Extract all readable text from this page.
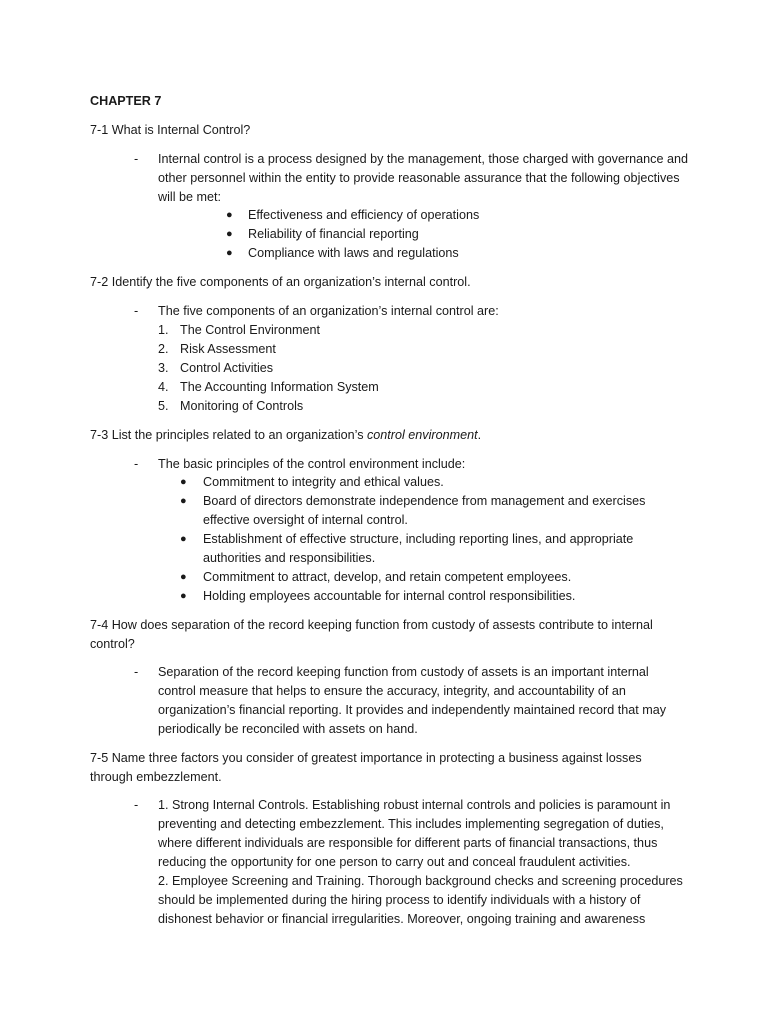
CHAPTER 7
7-1 What is Internal Control?
- Internal control is a process designed by the management, those charged with governance and other personnel within the entity to provide reasonable assurance that the following objectives will be met:
● Effectiveness and efficiency of operations
● Reliability of financial reporting
● Compliance with laws and regulations
7-2 Identify the five components of an organization’s internal control.
- The five components of an organization’s internal control are:
1. The Control Environment
2. Risk Assessment
3. Control Activities
4. The Accounting Information System
5. Monitoring of Controls
7-3 List the principles related to an organization’s control environment.
- The basic principles of the control environment include:
● Commitment to integrity and ethical values.
● Board of directors demonstrate independence from management and exercises effective oversight of internal control.
● Establishment of effective structure, including reporting lines, and appropriate authorities and responsibilities.
● Commitment to attract, develop, and retain competent employees.
● Holding employees accountable for internal control responsibilities.
7-4 How does separation of the record keeping function from custody of assests contribute to internal control?
- Separation of the record keeping function from custody of assets is an important internal control measure that helps to ensure the accuracy, integrity, and accountability of an organization’s financial reporting. It provides and independently maintained record that may periodically be reconciled with assets on hand.
7-5 Name three factors you consider of greatest importance in protecting a business against losses through embezzlement.
- 1. Strong Internal Controls. Establishing robust internal controls and policies is paramount in preventing and detecting embezzlement. This includes implementing segregation of duties, where different individuals are responsible for different parts of financial transactions, thus reducing the opportunity for one person to carry out and conceal fraudulent activities.
2. Employee Screening and Training. Thorough background checks and screening procedures should be implemented during the hiring process to identify individuals with a history of dishonest behavior or financial irregularities. Moreover, ongoing training and awareness
